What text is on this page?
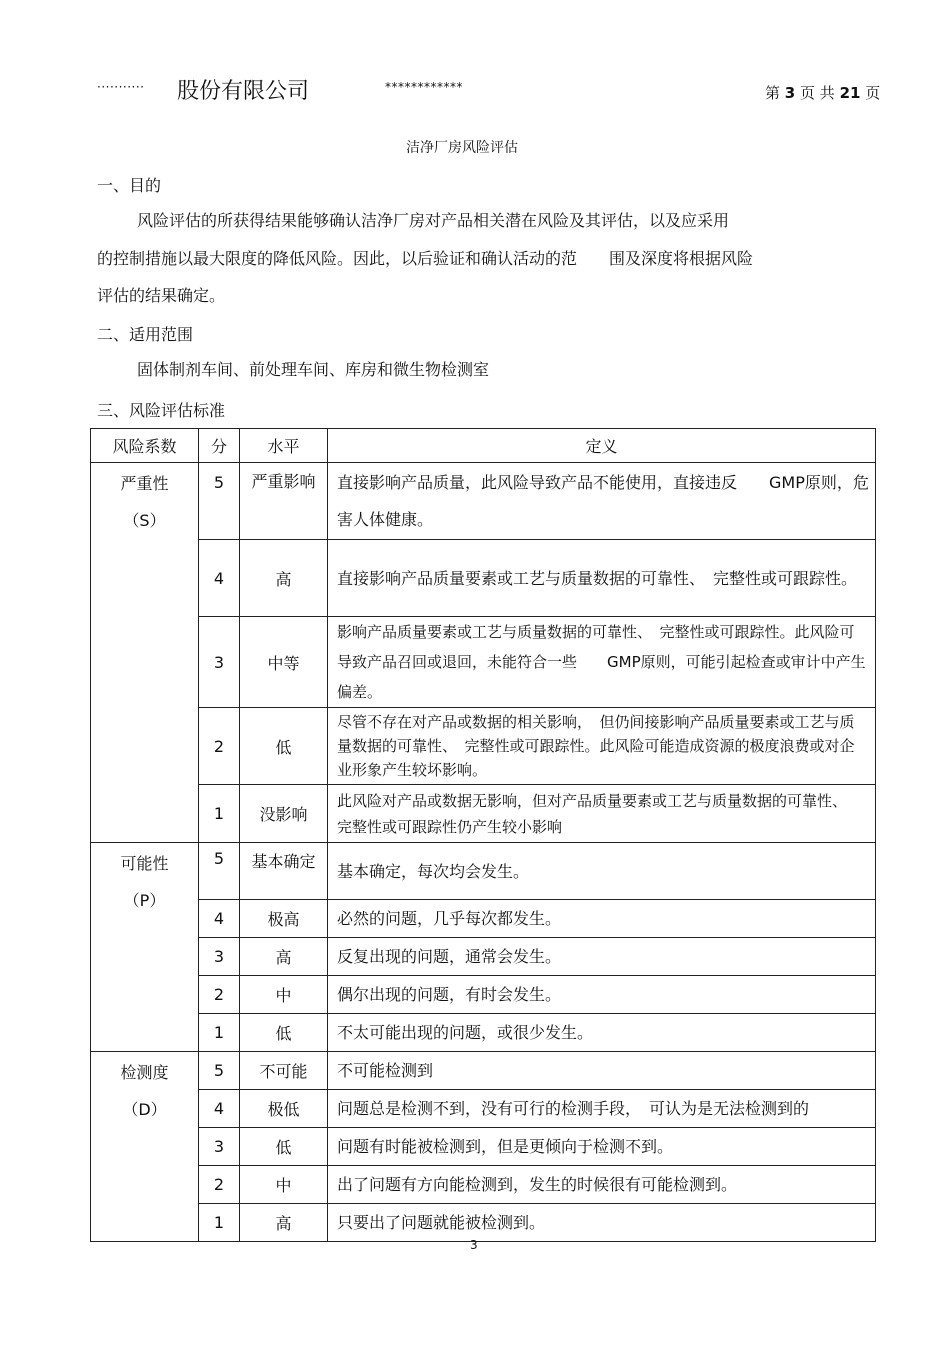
··········· 股份有限公司	************	第 3 页 共 21 页
洁净厂房风险评估
一、目的
风险评估的所获得结果能够确认洁净厂房对产品相关潜在风险及其评估，以及应采用
的控制措施以最大限度的降低风险。因此，以后验证和确认活动的范　　围及深度将根据风险
评估的结果确定。
二、适用范围
固体制剂车间、前处理车间、库房和微生物检测室
三、风险评估标准
风险系数	分	水平	定义

严重性
（S）	5	严重影响	直接影响产品质量，此风险导致产品不能使用，直接违反　　GMP原则，危害人体健康。
	4	高	直接影响产品质量要素或工艺与质量数据的可靠性、　完整性或可跟踪性。
	3	中等	影响产品质量要素或工艺与质量数据的可靠性、　完整性或可跟踪性。此风险可导致产品召回或退回，未能符合一些　　GMP原则，可能引起检查或审计中产生偏差。
	2	低	尽管不存在对产品或数据的相关影响，　但仍间接影响产品质量要素或工艺与质量数据的可靠性、　完整性或可跟踪性。此风险可能造成资源的极度浪费或对企业形象产生较坏影响。
	1	没影响	此风险对产品或数据无影响，但对产品质量要素或工艺与质量数据的可靠性、　完整性或可跟踪性仍产生较小影响

可能性
（P）	5	基本确定	基本确定，每次均会发生。
	4	极高	必然的问题，几乎每次都发生。
	3	高	反复出现的问题，通常会发生。
	2	中	偶尔出现的问题，有时会发生。
	1	低	不太可能出现的问题，或很少发生。

检测度
（D）	5	不可能	不可能检测到
	4	极低	问题总是检测不到，没有可行的检测手段，　可认为是无法检测到的
	3	低	问题有时能被检测到，但是更倾向于检测不到。
	2	中	出了问题有方向能检测到，发生的时候很有可能检测到。
	1	高	只要出了问题就能被检测到。
3
